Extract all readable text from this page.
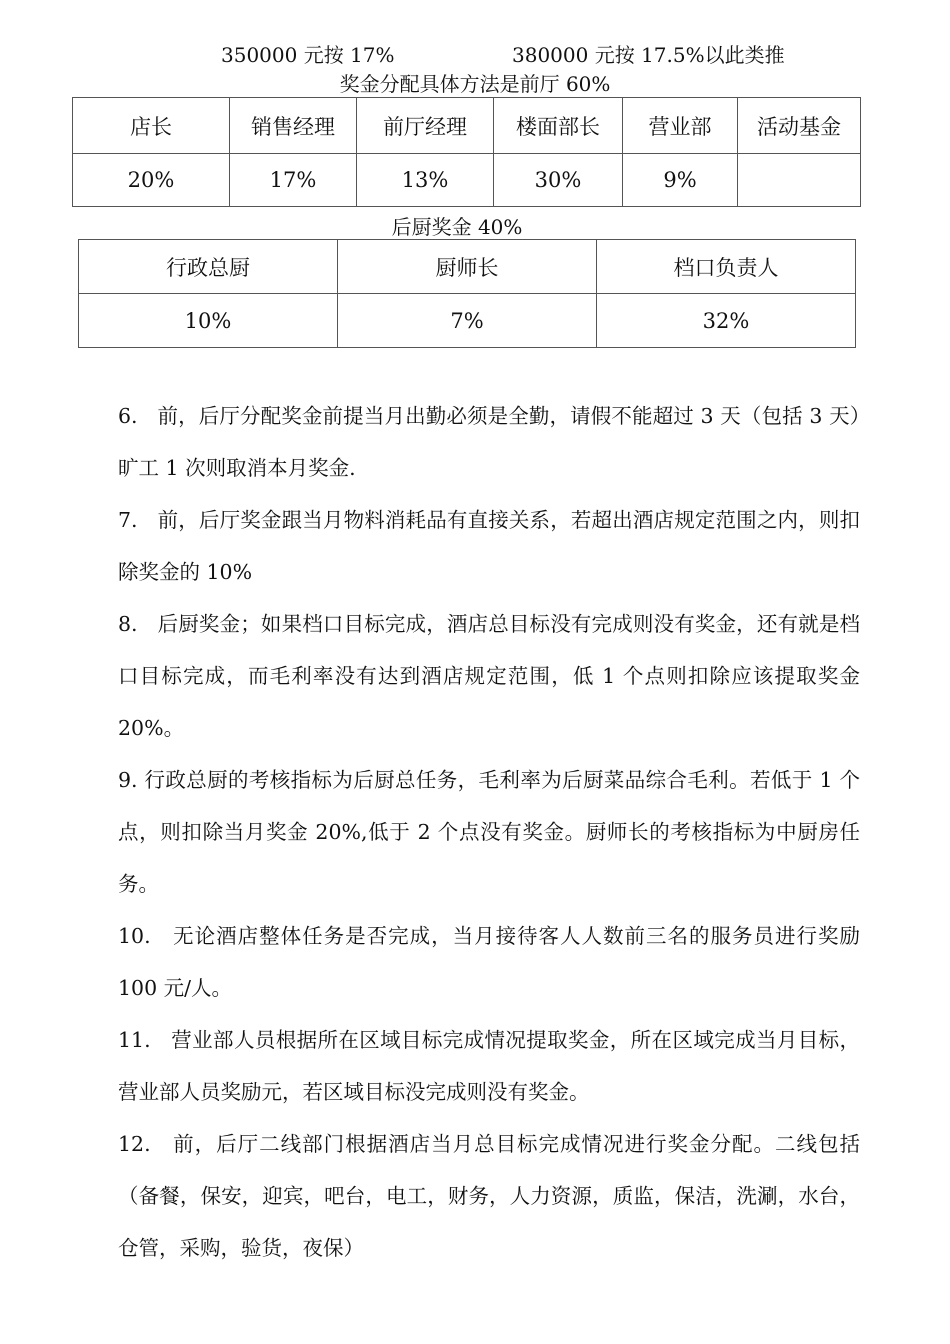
350000 元按 17%	380000 元按 17.5%以此类推
奖金分配具体方法是前厅 60%
店长	销售经理	前厅经理	楼面部长	营业部	活动基金
20%	17%	13%	30%	9%	
后厨奖金 40%
行政总厨	厨师长	档口负责人
10%	7%	32%

6.   前，后厅分配奖金前提当月出勤必须是全勤，请假不能超过 3 天（包括 3 天）旷工 1 次则取消本月奖金.

7.   前，后厅奖金跟当月物料消耗品有直接关系，若超出酒店规定范围之内，则扣除奖金的 10%

8.   后厨奖金；如果档口目标完成，酒店总目标没有完成则没有奖金，还有就是档口目标完成，而毛利率没有达到酒店规定范围，低 1 个点则扣除应该提取奖金 20%。

9. 行政总厨的考核指标为后厨总任务，毛利率为后厨菜品综合毛利。若低于 1 个点，则扣除当月奖金 20%,低于 2 个点没有奖金。厨师长的考核指标为中厨房任务。

10.   无论酒店整体任务是否完成，当月接待客人人数前三名的服务员进行奖励 100 元/人。

11.   营业部人员根据所在区域目标完成情况提取奖金，所在区域完成当月目标，营业部人员奖励元，若区域目标没完成则没有奖金。

12.   前，后厅二线部门根据酒店当月总目标完成情况进行奖金分配。二线包括（备餐，保安，迎宾，吧台，电工，财务，人力资源，质监，保洁，洗涮，水台，仓管，采购，验货，夜保）
